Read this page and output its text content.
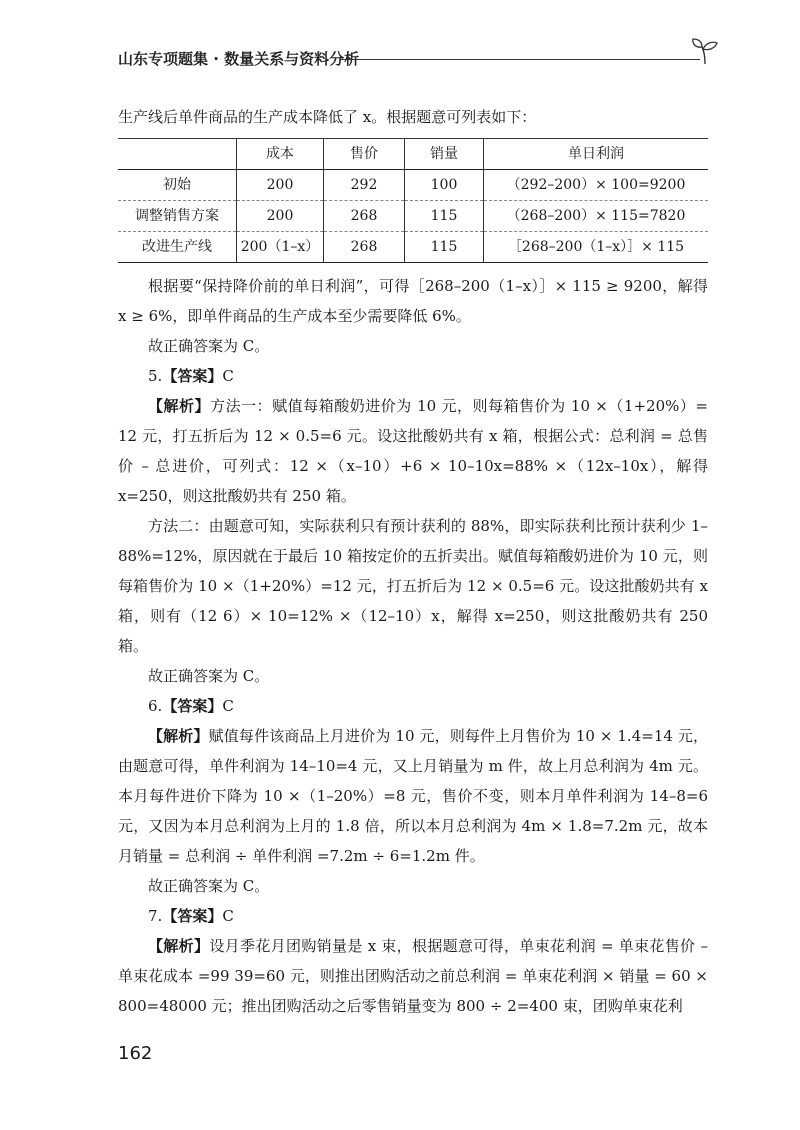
山东专项题集 · 数量关系与资料分析

生产线后单件商品的生产成本降低了 x。根据题意可列表如下：

	成本	售价	销量	单日利润
初始	200	292	100	（292–200）× 100=9200
调整销售方案	200	268	115	（268–200）× 115=7820
改进生产线	200（1–x）	268	115	［268–200（1–x）］× 115

根据要“保持降价前的单日利润”，可得［268–200（1–x）］× 115 ≥ 9200，解得 x ≥ 6%，即单件商品的生产成本至少需要降低 6%。

故正确答案为 C。

5.【答案】C

【解析】方法一：赋值每箱酸奶进价为 10 元，则每箱售价为 10 ×（1+20%）= 12 元，打五折后为 12 × 0.5=6 元。设这批酸奶共有 x 箱，根据公式：总利润 = 总售价 – 总进价，可列式：12 ×（x–10）+6 × 10–10x=88% ×（12x–10x），解得 x=250，则这批酸奶共有 250 箱。

方法二：由题意可知，实际获利只有预计获利的 88%，即实际获利比预计获利少 1–88%=12%，原因就在于最后 10 箱按定价的五折卖出。赋值每箱酸奶进价为 10 元，则每箱售价为 10 ×（1+20%）=12 元，打五折后为 12 × 0.5=6 元。设这批酸奶共有 x 箱，则有（12 6）× 10=12% ×（12–10）x，解得 x=250，则这批酸奶共有 250 箱。

故正确答案为 C。

6.【答案】C

【解析】赋值每件该商品上月进价为 10 元，则每件上月售价为 10 × 1.4=14 元，由题意可得，单件利润为 14–10=4 元，又上月销量为 m 件，故上月总利润为 4m 元。本月每件进价下降为 10 ×（1–20%）=8 元，售价不变，则本月单件利润为 14–8=6 元，又因为本月总利润为上月的 1.8 倍，所以本月总利润为 4m × 1.8=7.2m 元，故本月销量 = 总利润 ÷ 单件利润 =7.2m ÷ 6=1.2m 件。

故正确答案为 C。

7.【答案】C

【解析】设月季花月团购销量是 x 束，根据题意可得，单束花利润 = 单束花售价 – 单束花成本 =99 39=60 元，则推出团购活动之前总利润 = 单束花利润 × 销量 = 60 × 800=48000 元；推出团购活动之后零售销量变为 800 ÷ 2=400 束，团购单束花利

162
